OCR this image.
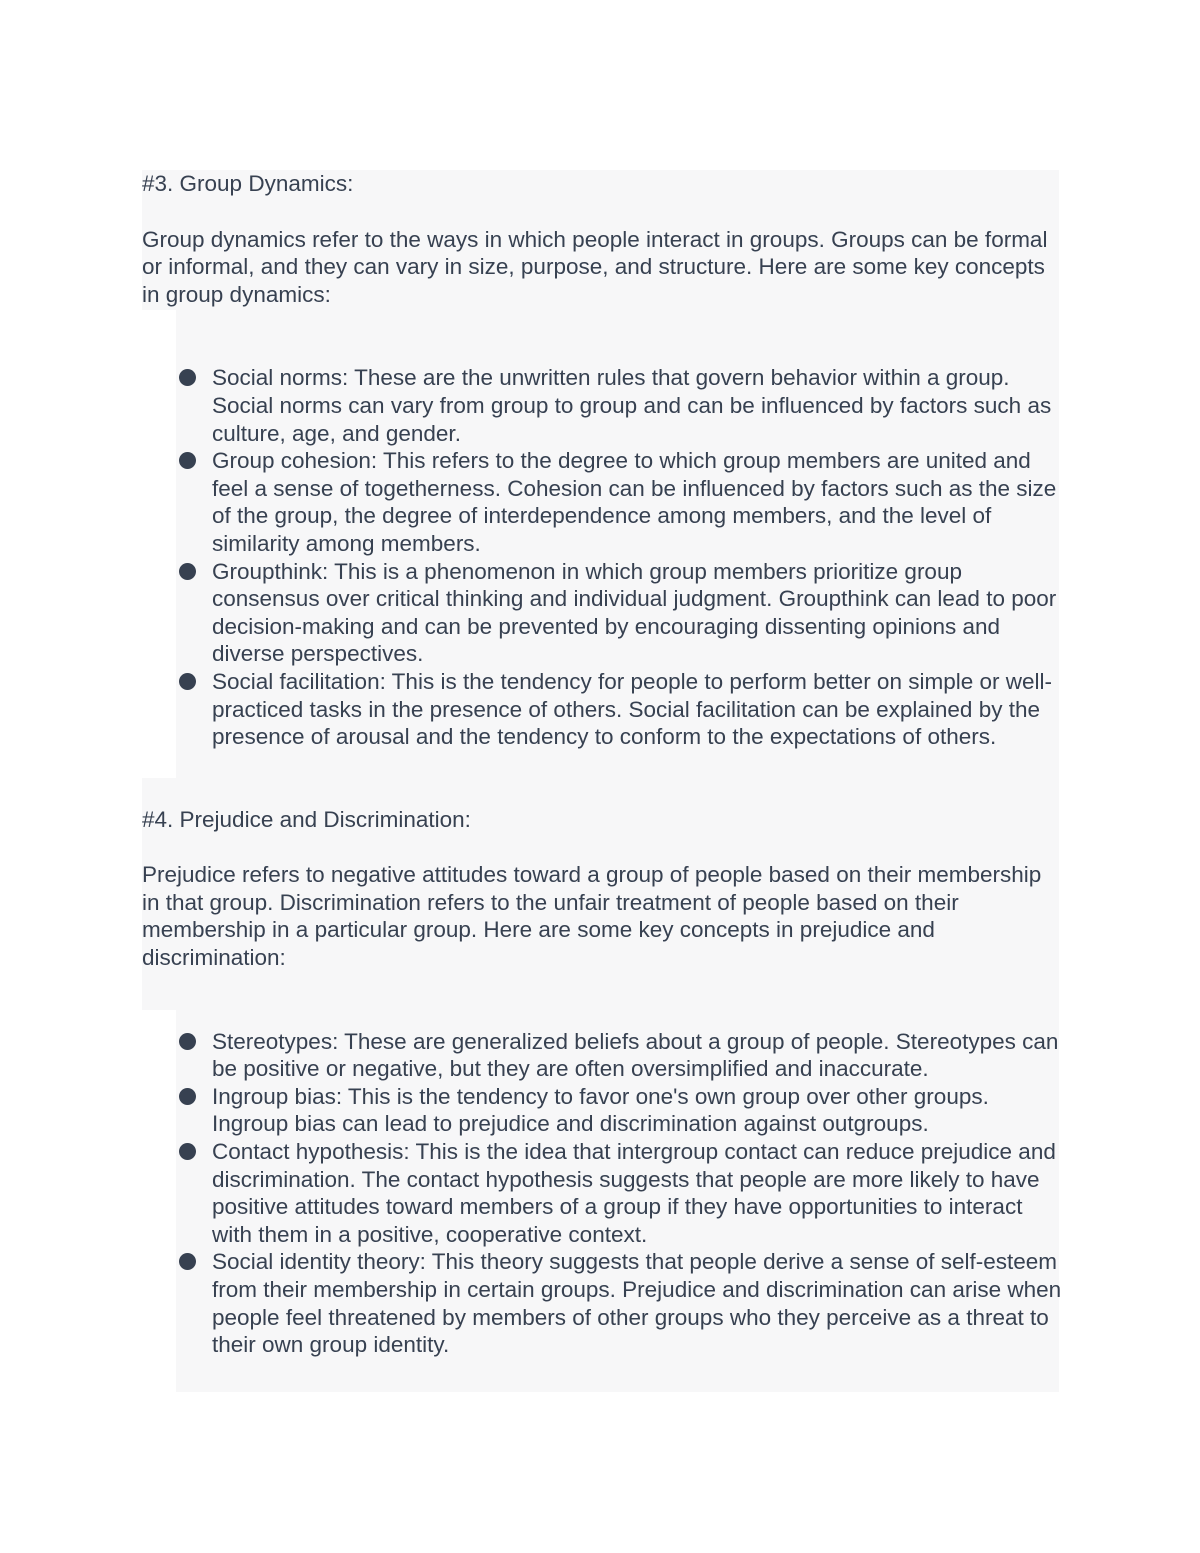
#3. Group Dynamics:

Group dynamics refer to the ways in which people interact in groups. Groups can be formal or informal, and they can vary in size, purpose, and structure. Here are some key concepts in group dynamics:

Social norms: These are the unwritten rules that govern behavior within a group. Social norms can vary from group to group and can be influenced by factors such as culture, age, and gender.
Group cohesion: This refers to the degree to which group members are united and feel a sense of togetherness. Cohesion can be influenced by factors such as the size of the group, the degree of interdependence among members, and the level of similarity among members.
Groupthink: This is a phenomenon in which group members prioritize group consensus over critical thinking and individual judgment. Groupthink can lead to poor decision-making and can be prevented by encouraging dissenting opinions and diverse perspectives.
Social facilitation: This is the tendency for people to perform better on simple or well-practiced tasks in the presence of others. Social facilitation can be explained by the presence of arousal and the tendency to conform to the expectations of others.
#4. Prejudice and Discrimination:

Prejudice refers to negative attitudes toward a group of people based on their membership in that group. Discrimination refers to the unfair treatment of people based on their membership in a particular group. Here are some key concepts in prejudice and discrimination:

Stereotypes: These are generalized beliefs about a group of people. Stereotypes can be positive or negative, but they are often oversimplified and inaccurate.
Ingroup bias: This is the tendency to favor one's own group over other groups. Ingroup bias can lead to prejudice and discrimination against outgroups.
Contact hypothesis: This is the idea that intergroup contact can reduce prejudice and discrimination. The contact hypothesis suggests that people are more likely to have positive attitudes toward members of a group if they have opportunities to interact with them in a positive, cooperative context.
Social identity theory: This theory suggests that people derive a sense of self-esteem from their membership in certain groups. Prejudice and discrimination can arise when people feel threatened by members of other groups who they perceive as a threat to their own group identity.
